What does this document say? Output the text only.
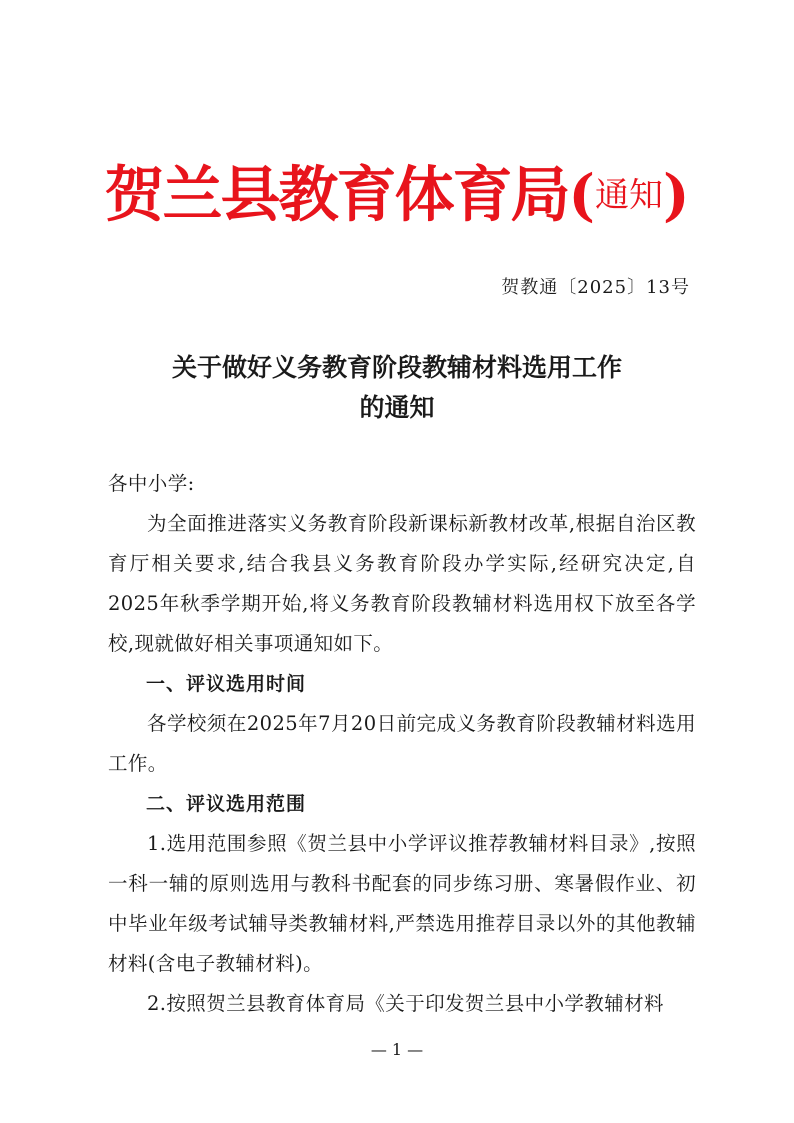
贺兰县教育体育局(通知)
贺教通〔2025〕13号
关于做好义务教育阶段教辅材料选用工作
的通知

各中小学:

为全面推进落实义务教育阶段新课标新教材改革,根据自治区教育厅相关要求,结合我县义务教育阶段办学实际,经研究决定,自2025年秋季学期开始,将义务教育阶段教辅材料选用权下放至各学校,现就做好相关事项通知如下。

一、评议选用时间

各学校须在2025年7月20日前完成义务教育阶段教辅材料选用工作。

二、评议选用范围

1.选用范围参照《贺兰县中小学评议推荐教辅材料目录》,按照一科一辅的原则选用与教科书配套的同步练习册、寒暑假作业、初中毕业年级考试辅导类教辅材料,严禁选用推荐目录以外的其他教辅材料(含电子教辅材料)。

2.按照贺兰县教育体育局《关于印发贺兰县中小学教辅材料

— 1 —
